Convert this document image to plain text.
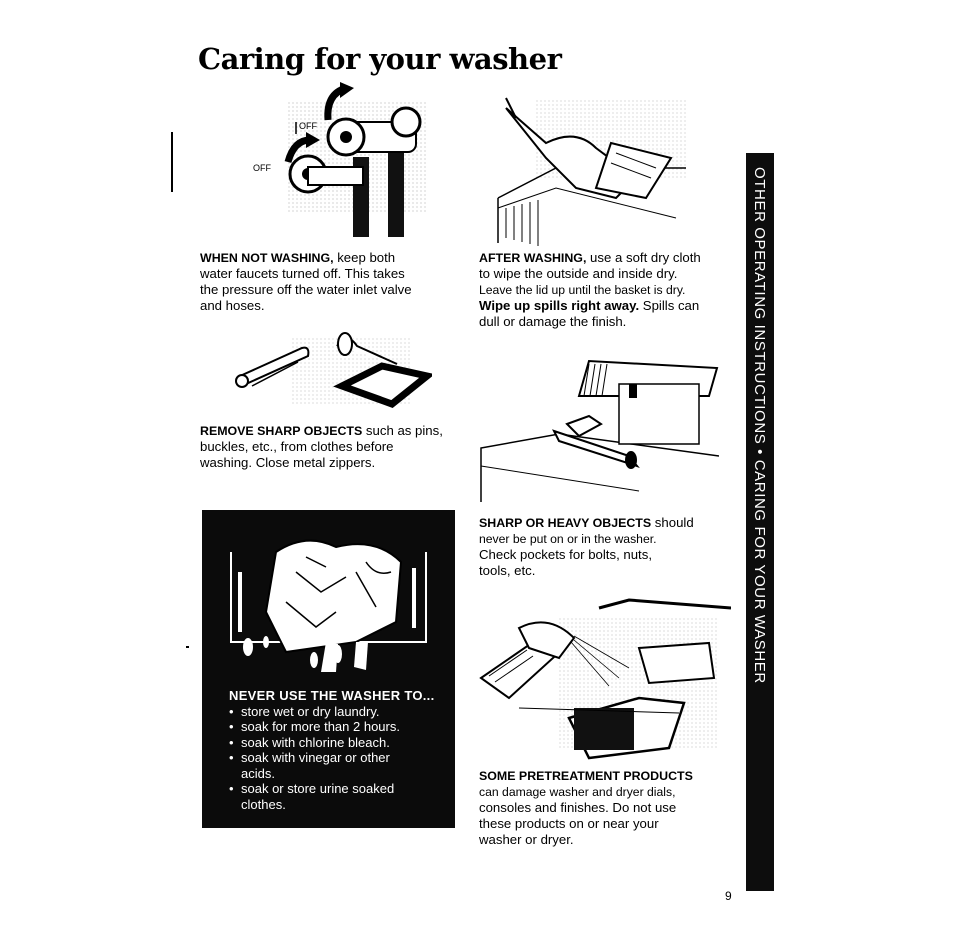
Caring for your washer
OFF
OFF
WHEN NOT WASHING, keep both
water faucets turned off. This takes
the pressure off the water inlet valve
and hoses.
AFTER WASHING, use a soft dry cloth
to wipe the outside and inside dry.
Leave the lid up until the basket is dry.
Wipe up spills right away. Spills can
dull or damage the finish.
REMOVE SHARP OBJECTS such as pins,
buckles, etc., from clothes before
washing. Close metal zippers.
SHARP OR HEAVY OBJECTS should
never be put on or in the washer.
Check pockets for bolts, nuts,
tools, etc.
SOME PRETREATMENT PRODUCTS
can damage washer and dryer dials,
consoles and finishes. Do not use
these products on or near your
washer or dryer.
NEVER USE THE WASHER TO...
• store wet or dry laundry.
• soak for more than 2 hours.
• soak with chlorine bleach.
• soak with vinegar or other acids.
• soak or store urine soaked clothes.
OTHER OPERATING INSTRUCTIONS • CARING FOR YOUR WASHER
9
